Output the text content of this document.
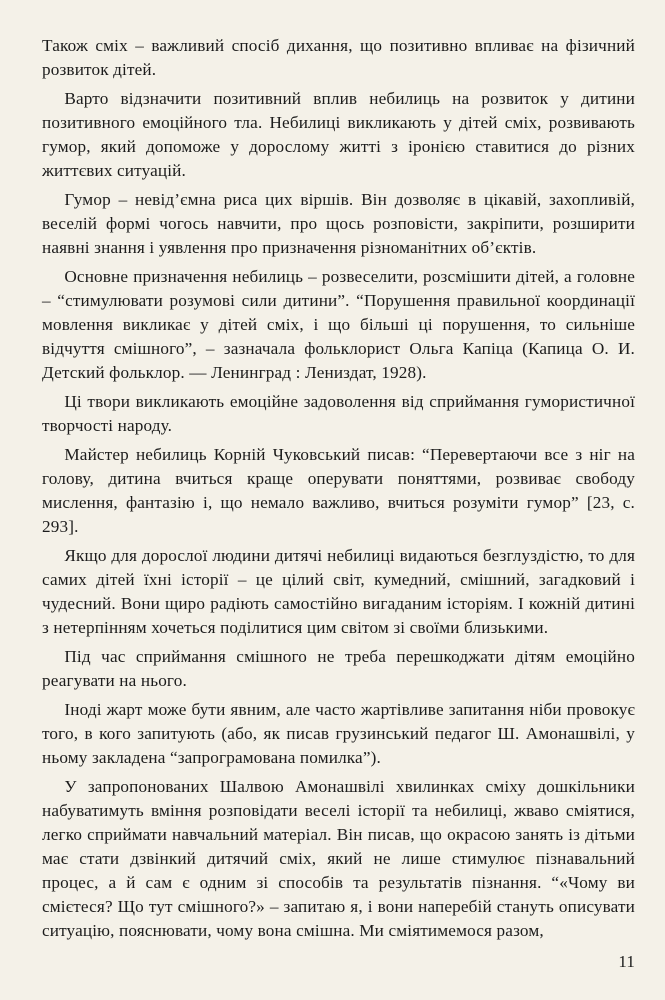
Також сміх – важливий спосіб дихання, що позитивно впливає на фізичний розвиток дітей.

Варто відзначити позитивний вплив небилиць на розвиток у дитини позитивного емоційного тла. Небилиці викликають у дітей сміх, розвивають гумор, який допоможе у дорослому житті з іронією ставитися до різних життєвих ситуацій.

Гумор – невід’ємна риса цих віршів. Він дозволяє в цікавій, захопливій, веселій формі чогось навчити, про щось розповісти, закріпити, розширити наявні знання і уявлення про призначення різноманітних об’єктів.

Основне призначення небилиць – розвеселити, розсмішити дітей, а головне – “стимулювати розумові сили дитини”. “Порушення правильної координації мовлення викликає у дітей сміх, і що більші ці порушення, то сильніше відчуття смішного”, – зазначала фольклорист Ольга Капіца (Капица О. И. Детский фольклор. — Ленинград : Лениздат, 1928).

Ці твори викликають емоційне задоволення від сприймання гумористичної творчості народу.

Майстер небилиць Корній Чуковський писав: “Перевертаючи все з ніг на голову, дитина вчиться краще оперувати поняттями, розвиває свободу мислення, фантазію і, що немало важливо, вчиться розуміти гумор” [23, с. 293].

Якщо для дорослої людини дитячі небилиці видаються безглуздістю, то для самих дітей їхні історії – це цілий світ, кумедний, смішний, загадковий і чудесний. Вони щиро радіють самостійно вигаданим історіям. І кожній дитині з нетерпінням хочеться поділитися цим світом зі своїми близькими.

Під час сприймання смішного не треба перешкоджати дітям емоційно реагувати на нього.

Іноді жарт може бути явним, але часто жартівливе запитання ніби провокує того, в кого запитують (або, як писав грузинський педагог Ш. Амонашвілі, у ньому закладена “запрограмована помилка”).

У запропонованих Шалвою Амонашвілі хвилинках сміху дошкільники набуватимуть вміння розповідати веселі історії та небилиці, жваво сміятися, легко сприймати навчальний матеріал. Він писав, що окрасою занять із дітьми має стати дзвінкий дитячий сміх, який не лише стимулює пізнавальний процес, а й сам є одним зі способів та результатів пізнання. “«Чому ви смієтеся? Що тут смішного?» – запитаю я, і вони наперебій стануть описувати ситуацію, пояснювати, чому вона смішна. Ми сміятимемося разом,

11
